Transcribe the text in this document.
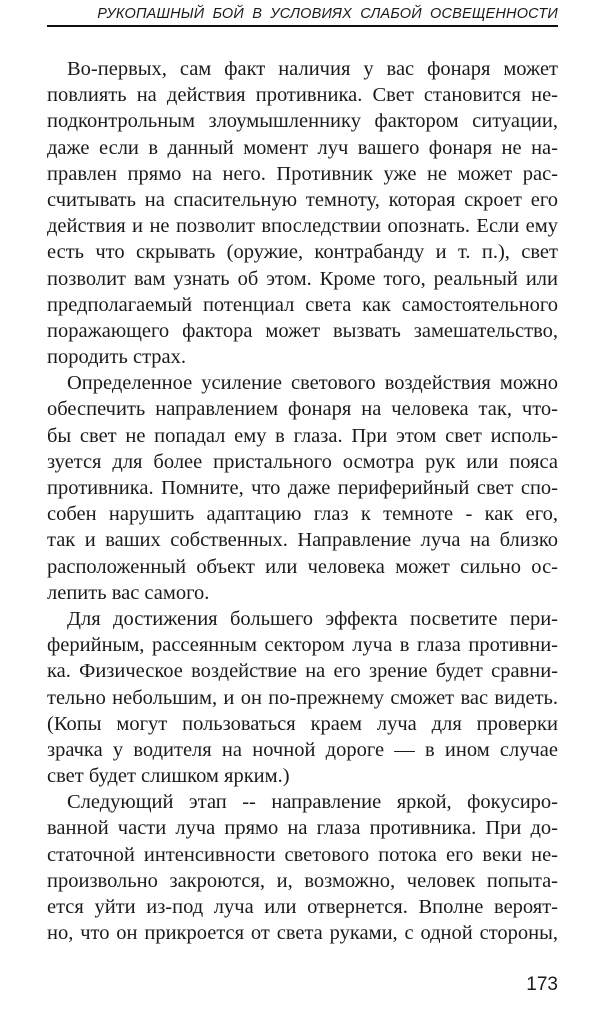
РУКОПАШНЫЙ БОЙ В УСЛОВИЯХ СЛАБОЙ ОСВЕЩЕННОСТИ
Во-первых, сам факт наличия у вас фонаря может
повлиять на действия противника. Свет становится не-
подконтрольным злоумышленнику фактором ситуации,
даже если в данный момент луч вашего фонаря не на-
правлен прямо на него. Противник уже не может рас-
считывать на спасительную темноту, которая скроет его
действия и не позволит впоследствии опознать. Если ему
есть что скрывать (оружие, контрабанду и т. п.), свет
позволит вам узнать об этом. Кроме того, реальный или
предполагаемый потенциал света как самостоятельного
поражающего фактора может вызвать замешательство,
породить страх.
Определенное усиление светового воздействия можно
обеспечить направлением фонаря на человека так, что-
бы свет не попадал ему в глаза. При этом свет исполь-
зуется для более пристального осмотра рук или пояса
противника. Помните, что даже периферийный свет спо-
собен нарушить адаптацию глаз к темноте - как его,
так и ваших собственных. Направление луча на близко
расположенный объект или человека может сильно ос-
лепить вас самого.
Для достижения большего эффекта посветите пери-
ферийным, рассеянным сектором луча в глаза противни-
ка. Физическое воздействие на его зрение будет сравни-
тельно небольшим, и он по-прежнему сможет вас видеть.
(Копы могут пользоваться краем луча для проверки
зрачка у водителя на ночной дороге — в ином случае
свет будет слишком ярким.)
Следующий этап -- направление яркой, фокусиро-
ванной части луча прямо на глаза противника. При до-
статочной интенсивности светового потока его веки не-
произвольно закроются, и, возможно, человек попыта-
ется уйти из-под луча или отвернется. Вполне вероят-
но, что он прикроется от света руками, с одной стороны,
173
